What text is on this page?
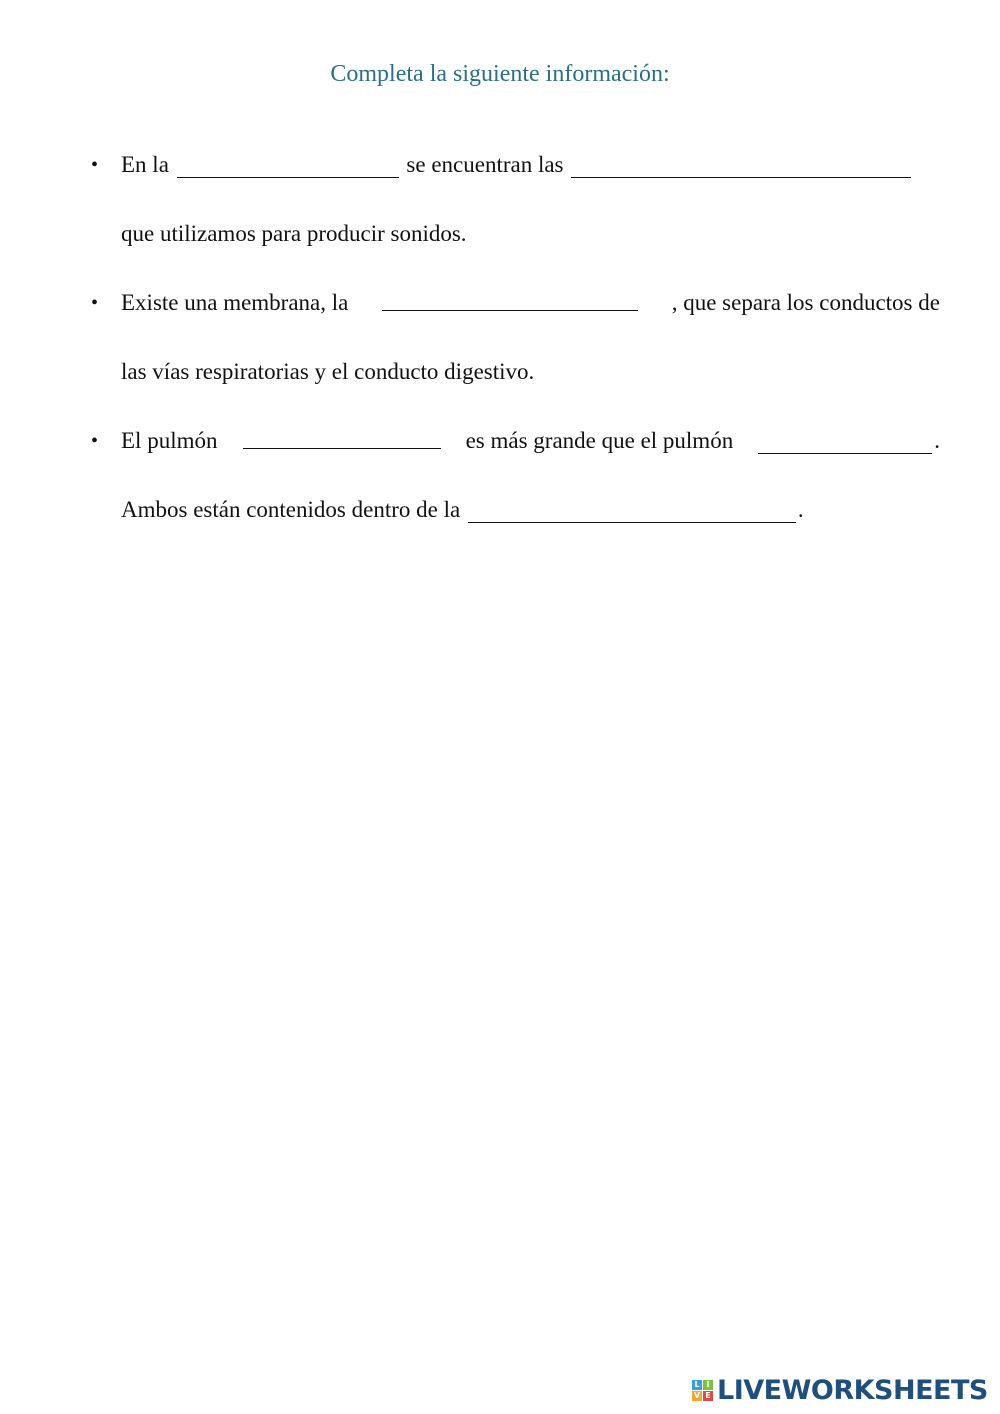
Completa la siguiente información:
• En la	se encuentran las
que utilizamos para producir sonidos.
• Existe una membrana, la	, que separa los conductos de
las vías respiratorias y el conducto digestivo.
• El pulmón	es más grande que el pulmón	.
Ambos están contenidos dentro de la	.
L I
V E LIVEWORKSHEETS
